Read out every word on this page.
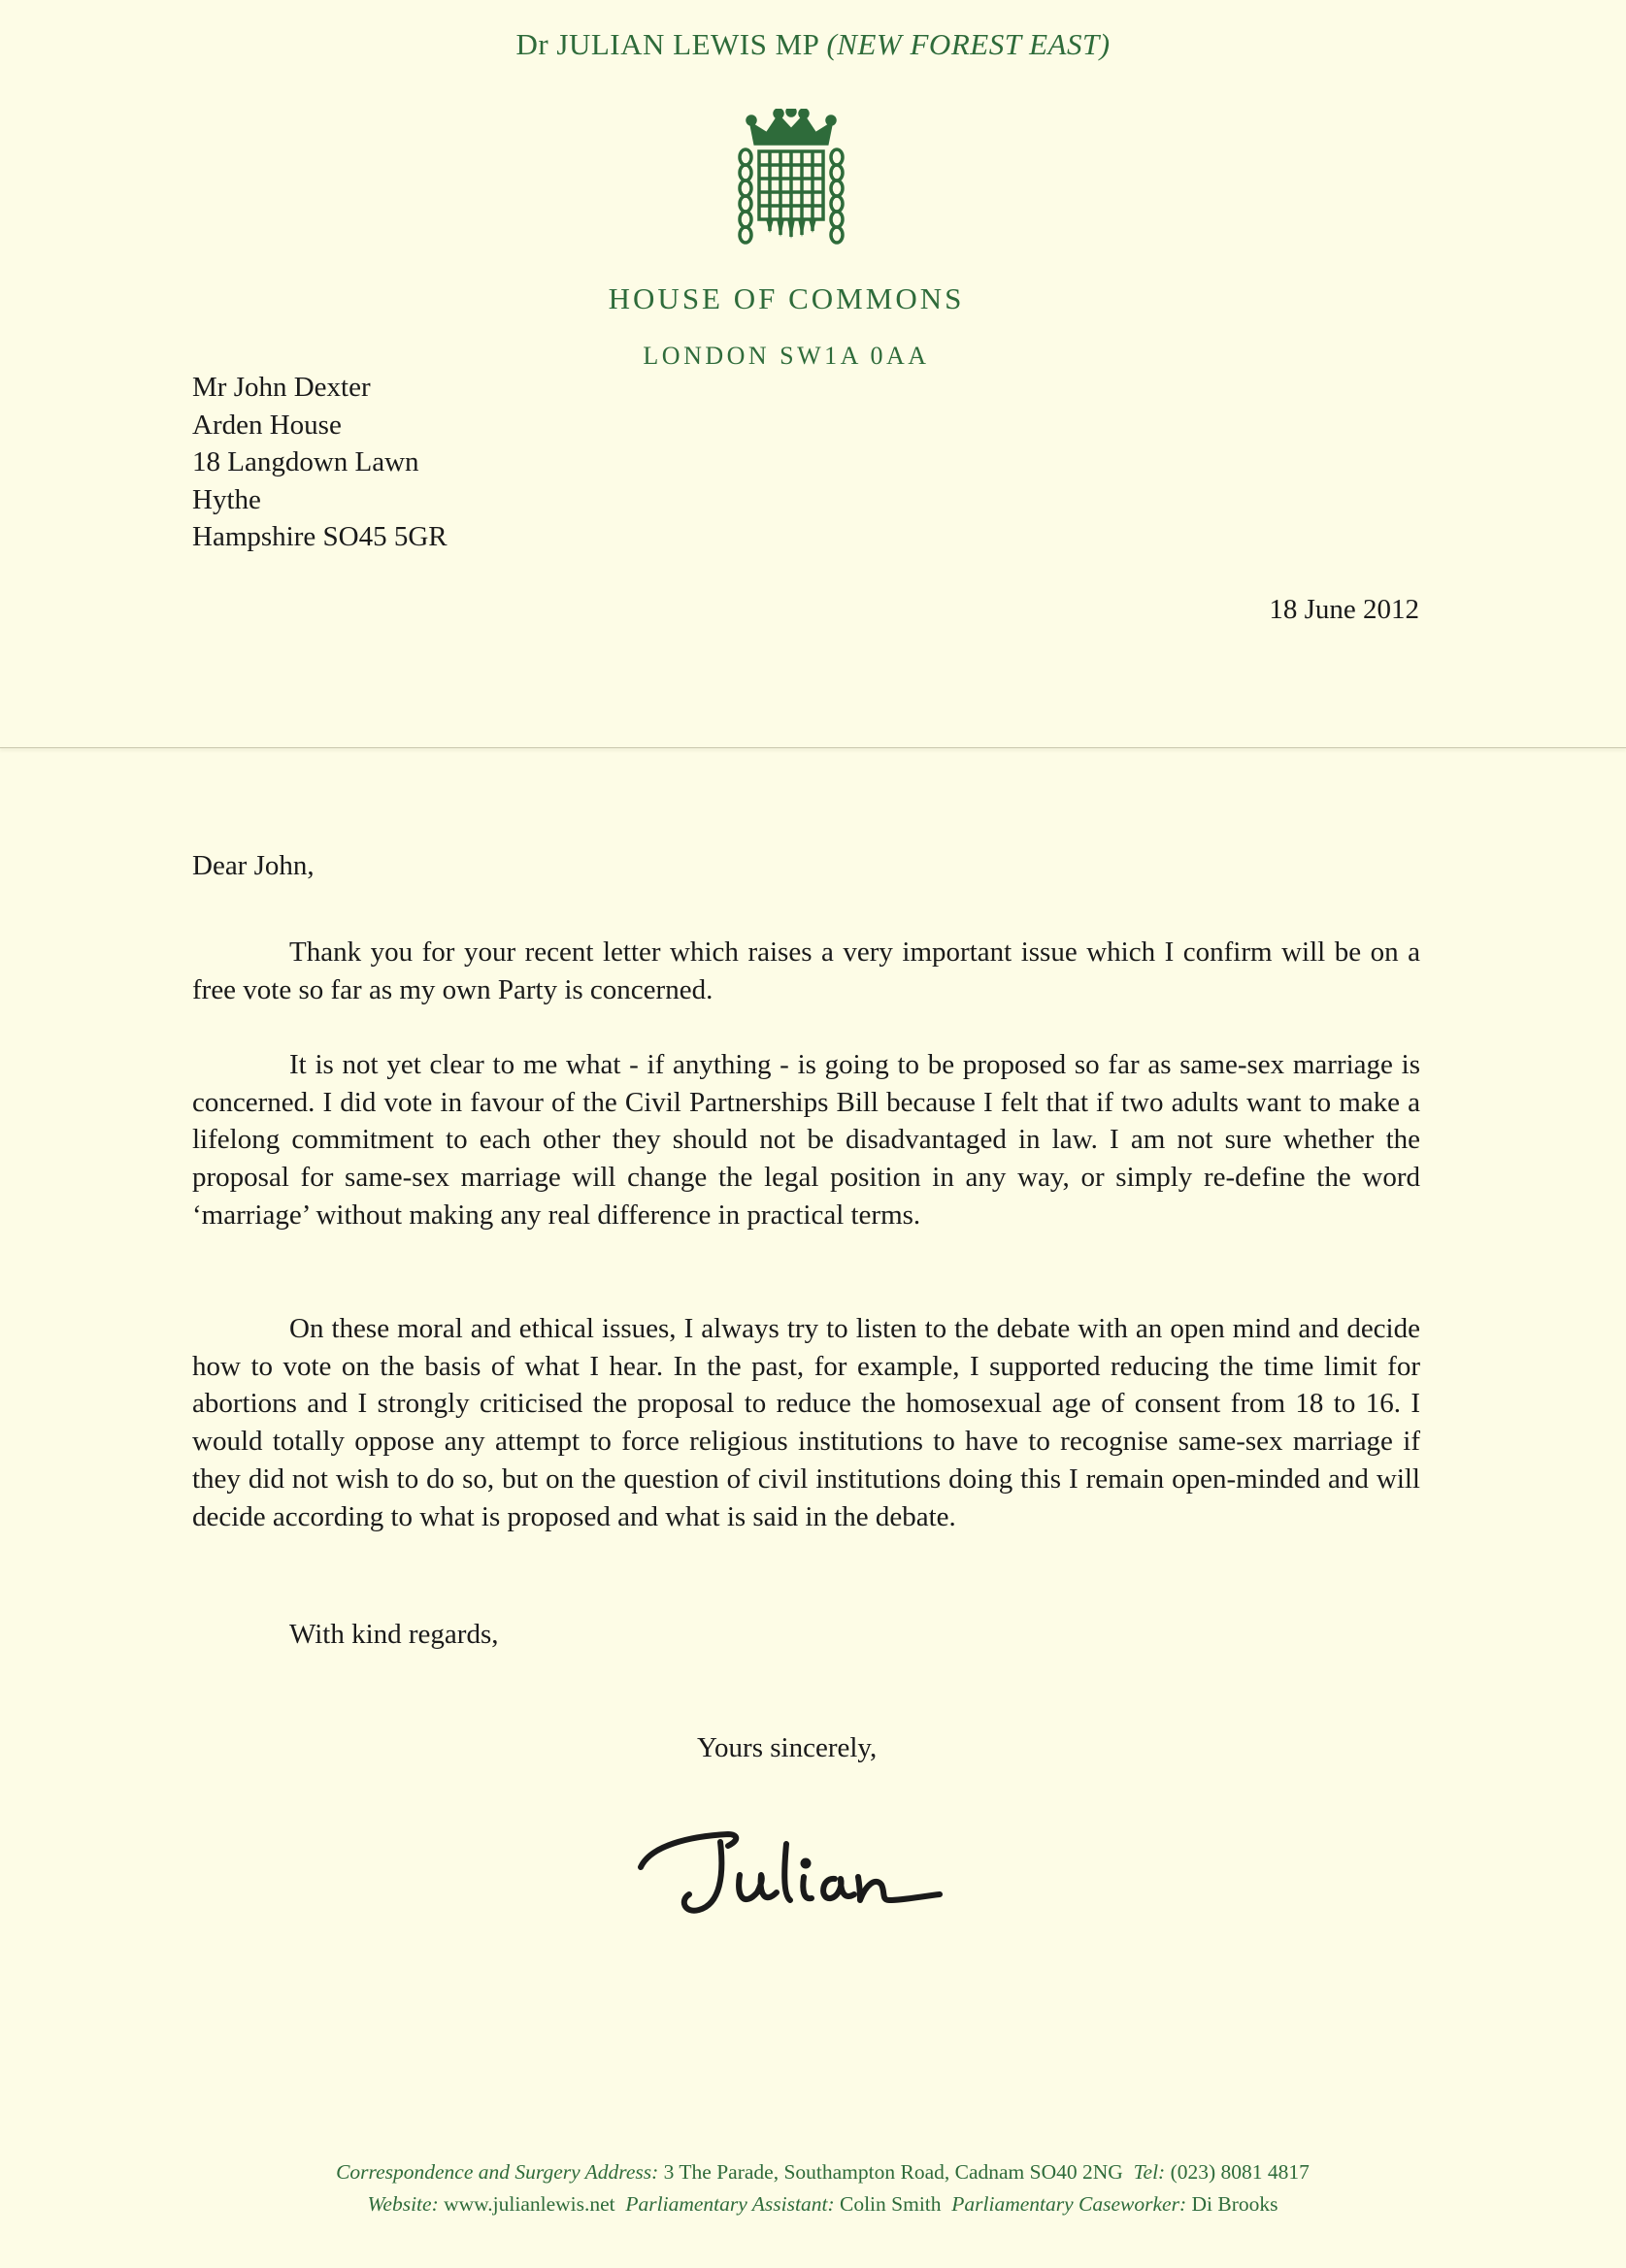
Dr JULIAN LEWIS MP (NEW FOREST EAST)
HOUSE OF COMMONS
LONDON SW1A 0AA
Mr John Dexter
Arden House
18 Langdown Lawn
Hythe
Hampshire SO45 5GR
18 June 2012
Dear John,

Thank you for your recent letter which raises a very important issue which I confirm will be on a free vote so far as my own Party is concerned.

It is not yet clear to me what - if anything - is going to be proposed so far as same-sex marriage is concerned. I did vote in favour of the Civil Partnerships Bill because I felt that if two adults want to make a lifelong commitment to each other they should not be disadvantaged in law. I am not sure whether the proposal for same-sex marriage will change the legal position in any way, or simply re-define the word ‘marriage’ without making any real difference in practical terms.

On these moral and ethical issues, I always try to listen to the debate with an open mind and decide how to vote on the basis of what I hear. In the past, for example, I supported reducing the time limit for abortions and I strongly criticised the proposal to reduce the homosexual age of consent from 18 to 16. I would totally oppose any attempt to force religious institutions to have to recognise same-sex marriage if they did not wish to do so, but on the question of civil institutions doing this I remain open-minded and will decide according to what is proposed and what is said in the debate.

With kind regards,
Yours sincerely,
Correspondence and Surgery Address: 3 The Parade, Southampton Road, Cadnam SO40 2NG Tel: (023) 8081 4817
Website: www.julianlewis.net Parliamentary Assistant: Colin Smith Parliamentary Caseworker: Di Brooks
